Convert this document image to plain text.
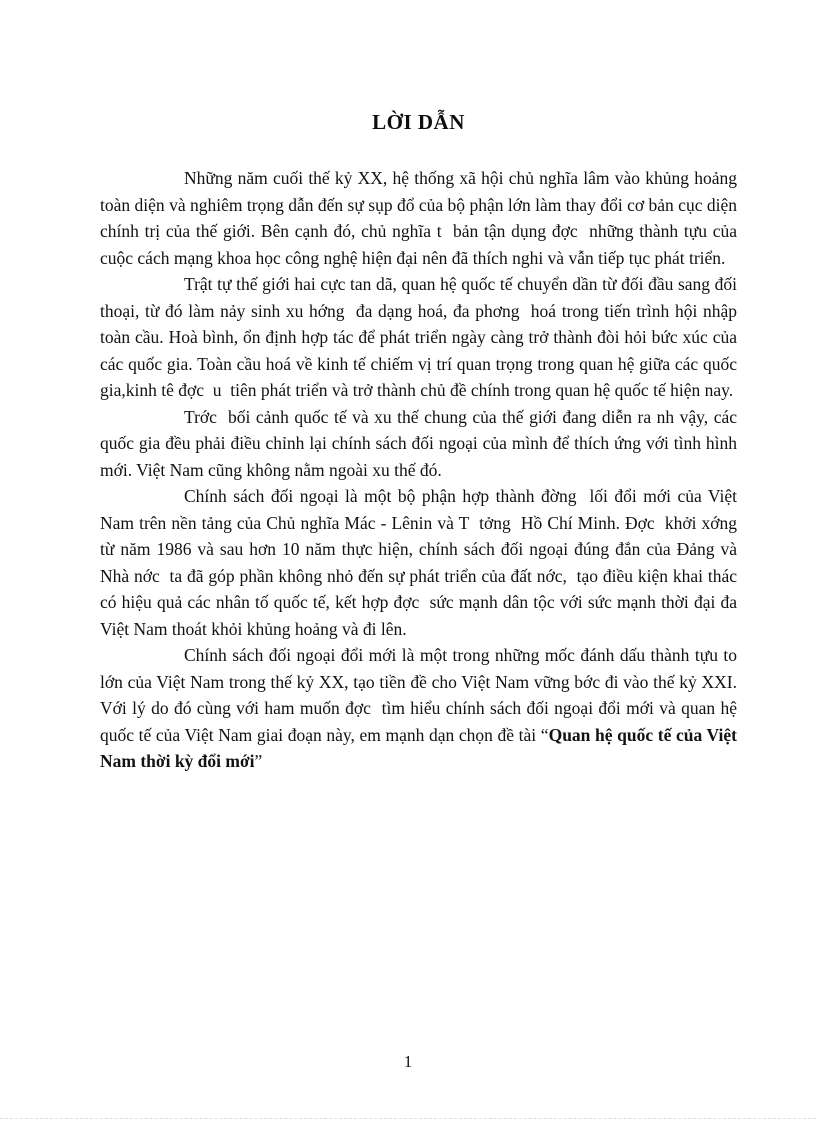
LỜI DẪN

Những năm cuối thế kỷ XX, hệ thống xã hội chủ nghĩa lâm vào khủng hoảng toàn diện và nghiêm trọng dẫn đến sự sụp đổ của bộ phận lớn làm thay đổi cơ bản cục diện chính trị của thế giới. Bên cạnh đó, chủ nghĩa t  bản tận dụng đợc  những thành tựu của cuộc cách mạng khoa học công nghệ hiện đại nên đã thích nghi và vẫn tiếp tục phát triển.

Trật tự thế giới hai cực tan dã, quan hệ quốc tế chuyển dần từ đối đầu sang đối thoại, từ đó làm nảy sinh xu hớng  đa dạng hoá, đa phơng  hoá trong tiến trình hội nhập toàn cầu. Hoà bình, ổn định hợp tác để phát triển ngày càng trở thành đòi hỏi bức xúc của các quốc gia. Toàn cầu hoá về kinh tế chiếm vị trí quan trọng trong quan hệ giữa các quốc gia,kinh tê đợc  u  tiên phát triển và trở thành chủ đề chính trong quan hệ quốc tế hiện nay.

Trớc  bối cảnh quốc tế và xu thế chung của thế giới đang diễn ra nh vậy, các quốc gia đều phải điều chỉnh lại chính sách đối ngoại của mình để thích ứng với tình hình mới. Việt Nam cũng không nằm ngoài xu thế đó.

Chính sách đối ngoại là một bộ phận hợp thành đờng  lối đổi mới của Việt Nam trên nền tảng của Chủ nghĩa Mác - Lênin và T  tởng  Hồ Chí Minh. Đợc  khởi xớng  từ năm 1986 và sau hơn 10 năm thực hiện, chính sách đối ngoại đúng đắn của Đảng và Nhà nớc  ta đã góp phần không nhỏ đến sự phát triển của đất nớc,  tạo điều kiện khai thác có hiệu quả các nhân tố quốc tế, kết hợp đợc  sức mạnh dân tộc với sức mạnh thời đại đa  Việt Nam thoát khỏi khủng hoảng và đi lên.

Chính sách đối ngoại đổi mới là một trong những mốc đánh dấu thành tựu to lớn của Việt Nam trong thế kỷ XX, tạo tiền đề cho Việt Nam vững bớc đi vào thế kỷ XXI. Với lý do đó cùng với ham muốn đợc  tìm hiểu chính sách đối ngoại đổi mới và quan hệ quốc tế của Việt Nam giai đoạn này, em mạnh dạn chọn đề tài “Quan hệ quốc tế của Việt Nam thời kỳ đổi mới”

1
